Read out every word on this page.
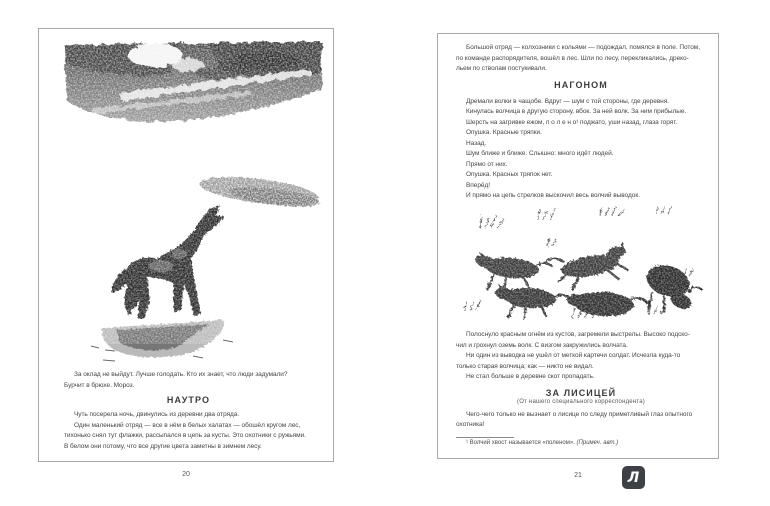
За оклад не выйдут. Лучше голодать. Кто их знает, что люди задумали?
Бурчит в брюхе. Мороз.
НАУТРО
Чуть посерела ночь, двинулись из деревни два отряда.
Один маленький отряд — все в нём в белых халатах — обошёл кругом лес,
тихонько снял тут флажки, рассыпался в цепь за кусты. Это охотники с ружьями.
В белом они потому, что все другие цвета заметны в зимнем лесу.
Большой отряд — колхозники с кольями — подождал, помялся в поле. Потом,
по команде распорядителя, вошёл в лес. Шли по лесу, перекликались, дреко-
льем по стволам постукивали.
НАГОНОМ
Дремали волки в чащобе. Вдруг — шум с той стороны, где деревня.
Кинулась волчица в другую сторону, вбок. За ней волк. За ним прибылые.
Шерсть на загривке ежом, п о л е н о¹ поджато, уши назад, глаза горят.
Опушка. Красные тряпки.
Назад.
Шум ближе и ближе. Слышно: много идёт людей.
Прямо от них.
Опушка. Красных тряпок нет.
Вперёд!
И прямо на цепь стрелков выскочил весь волчий выводок.
Полоснуло красным огнём из кустов, загремели выстрелы. Высоко подско-
чил и грохнул оземь волк. С визгом закружились волчата.
Ни один из выводка не ушёл от меткой картечи солдат. Исчезла куда-то
только старая волчица; как — никто не видал.
Не стал больше в деревне скот пропадать.
ЗА ЛИСИЦЕЙ
(От нашего специального корреспондента)
Чего-чего только не вызнает о лисице по следу приметливый глаз опытного
охотника!
¹ Волчий хвост называется «поленом». (Примеч. авт.)
20	21	Л
